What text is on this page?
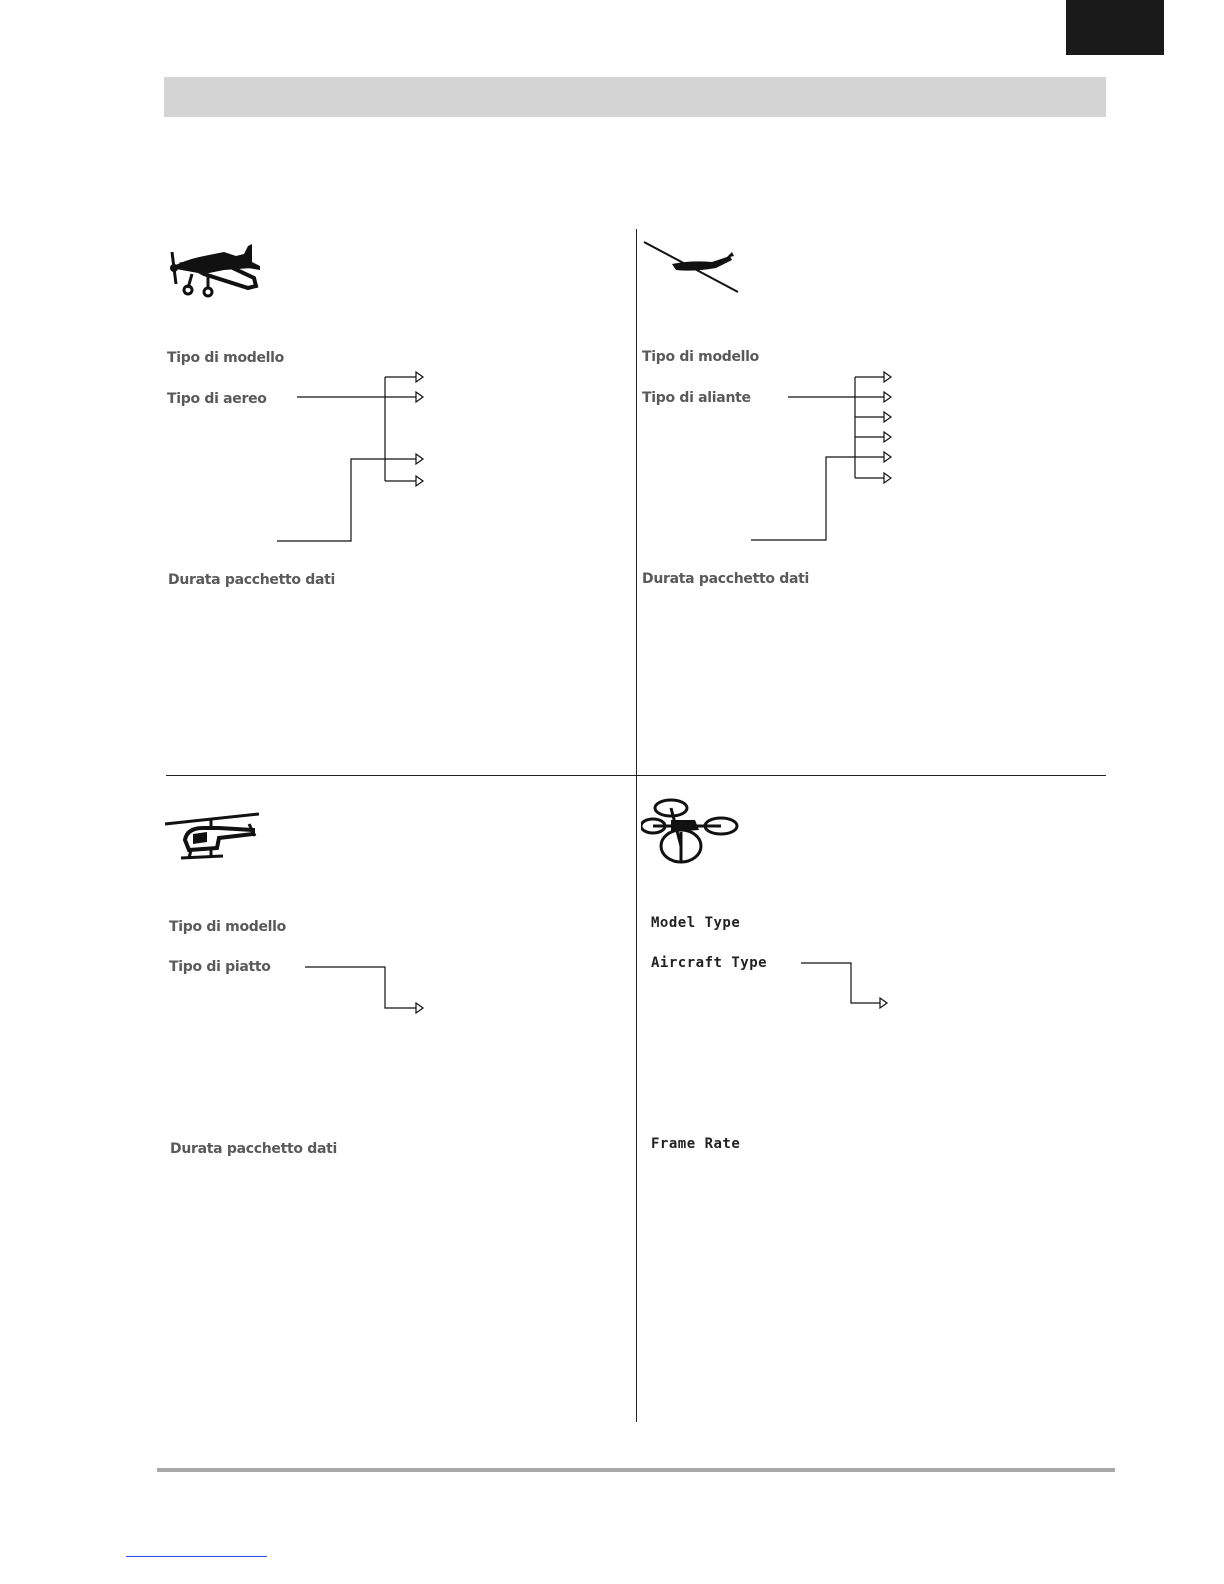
Tipo di modello
Tipo di aereo
Durata pacchetto dati
Tipo di modello
Tipo di aliante
Durata pacchetto dati
Tipo di modello
Tipo di piatto
Durata pacchetto dati
Model Type
Aircraft Type
Frame Rate
